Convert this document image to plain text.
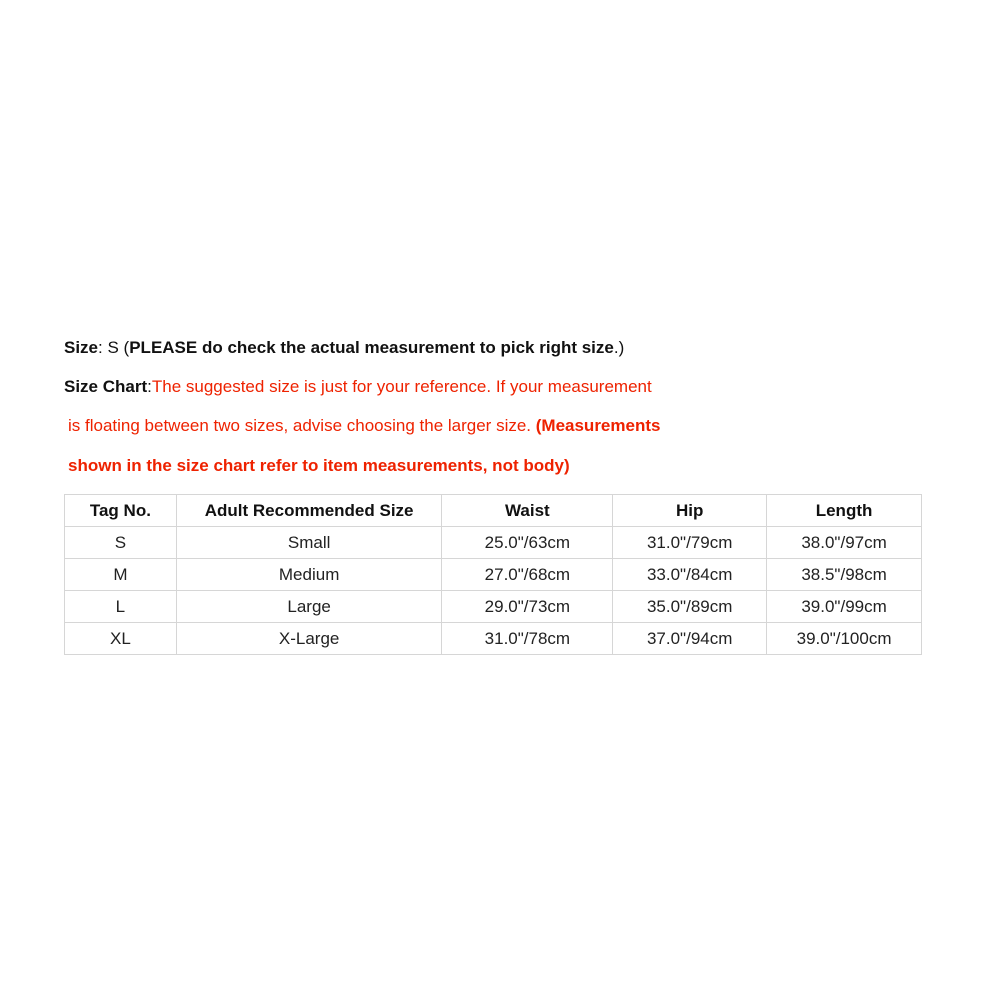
Size: S (PLEASE do check the actual measurement to pick right size.)
Size Chart:The suggested size is just for your reference. If your measurement
is floating between two sizes, advise choosing the larger size. (Measurements
shown in the size chart refer to item measurements, not body)
Tag No.	Adult Recommended Size	Waist	Hip	Length
S	Small	25.0"/63cm	31.0"/79cm	38.0"/97cm
M	Medium	27.0"/68cm	33.0"/84cm	38.5"/98cm
L	Large	29.0"/73cm	35.0"/89cm	39.0"/99cm
XL	X-Large	31.0"/78cm	37.0"/94cm	39.0"/100cm
